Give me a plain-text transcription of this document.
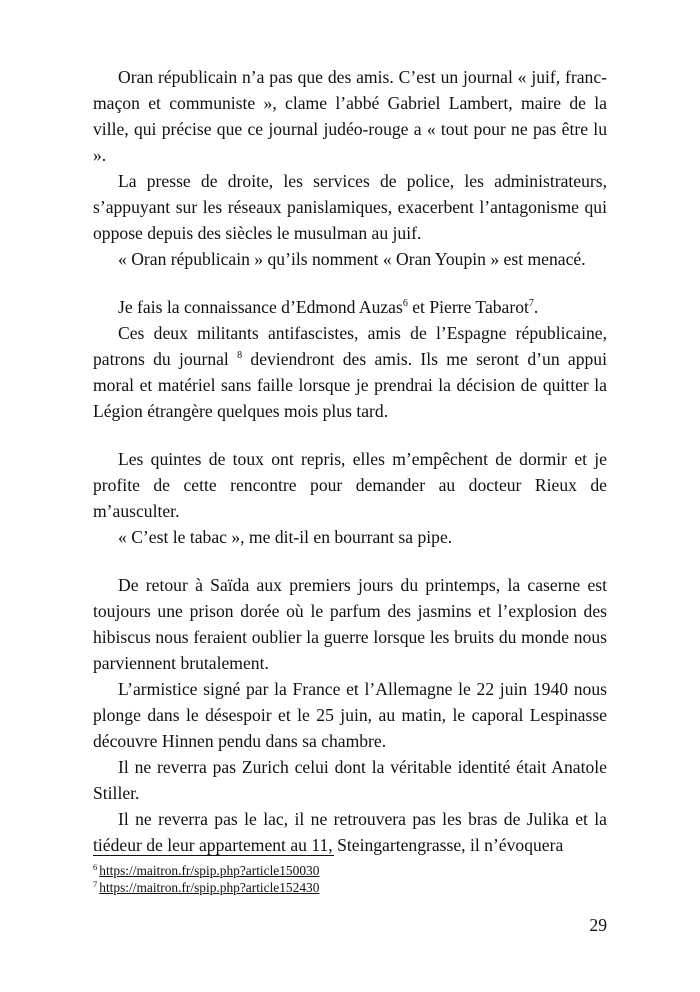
Oran républicain n’a pas que des amis. C’est un journal « juif, franc-maçon et communiste », clame l’abbé Gabriel Lambert, maire de la ville, qui précise que ce journal judéo-rouge a « tout pour ne pas être lu ».

La presse de droite, les services de police, les administrateurs, s’appuyant sur les réseaux panislamiques, exacerbent l’antagonisme qui oppose depuis des siècles le musulman au juif.

« Oran républicain » qu’ils nomment « Oran Youpin » est menacé.

Je fais la connaissance d’Edmond Auzas$^6$ et Pierre Tabarot$^7$.

Ces deux militants antifascistes, amis de l’Espagne républicaine, patrons du journal $^8$ deviendront des amis. Ils me seront d’un appui moral et matériel sans faille lorsque je prendrai la décision de quitter la Légion étrangère quelques mois plus tard.

Les quintes de toux ont repris, elles m’empêchent de dormir et je profite de cette rencontre pour demander au docteur Rieux de m’ausculter.

« C’est le tabac », me dit-il en bourrant sa pipe.

De retour à Saïda aux premiers jours du printemps, la caserne est toujours une prison dorée où le parfum des jasmins et l’explosion des hibiscus nous feraient oublier la guerre lorsque les bruits du monde nous parviennent brutalement.

L’armistice signé par la France et l’Allemagne le 22 juin 1940 nous plonge dans le désespoir et le 25 juin, au matin, le caporal Lespinasse découvre Hinnen pendu dans sa chambre.

Il ne reverra pas Zurich celui dont la véritable identité était Anatole Stiller.

Il ne reverra pas le lac, il ne retrouvera pas les bras de Julika et la tiédeur de leur appartement au 11, Steingartengrasse, il n’évoquera

$^6$ https://maitron.fr/spip.php?article150030
$^7$ https://maitron.fr/spip.php?article152430
29
